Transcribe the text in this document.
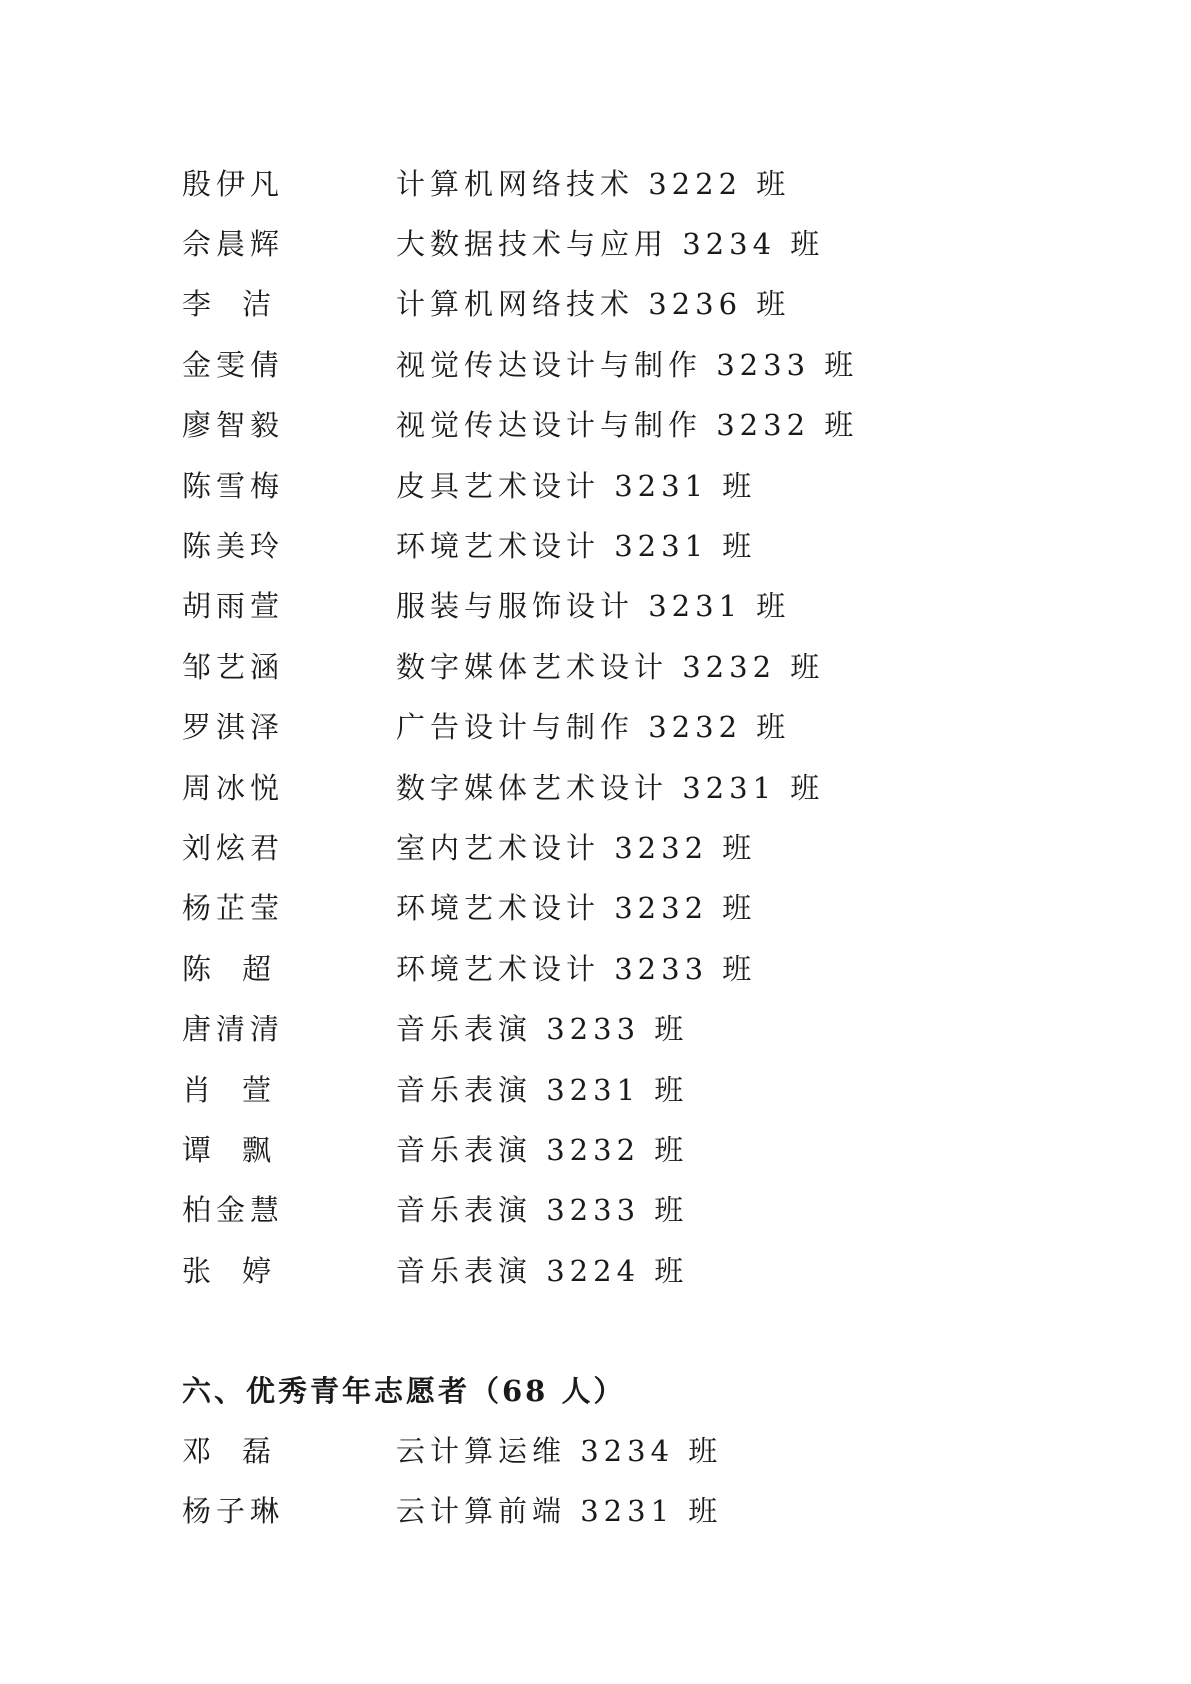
殷伊凡	计算机网络技术 3222 班
佘晨辉	大数据技术与应用 3234 班
李 洁	计算机网络技术 3236 班
金雯倩	视觉传达设计与制作 3233 班
廖智毅	视觉传达设计与制作 3232 班
陈雪梅	皮具艺术设计 3231 班
陈美玲	环境艺术设计 3231 班
胡雨萱	服装与服饰设计 3231 班
邹艺涵	数字媒体艺术设计 3232 班
罗淇泽	广告设计与制作 3232 班
周冰悦	数字媒体艺术设计 3231 班
刘炫君	室内艺术设计 3232 班
杨芷莹	环境艺术设计 3232 班
陈 超	环境艺术设计 3233 班
唐清清	音乐表演 3233 班
肖 萱	音乐表演 3231 班
谭 飘	音乐表演 3232 班
柏金慧	音乐表演 3233 班
张 婷	音乐表演 3224 班
六、优秀青年志愿者（68 人）
邓 磊	云计算运维 3234 班
杨子琳	云计算前端 3231 班
